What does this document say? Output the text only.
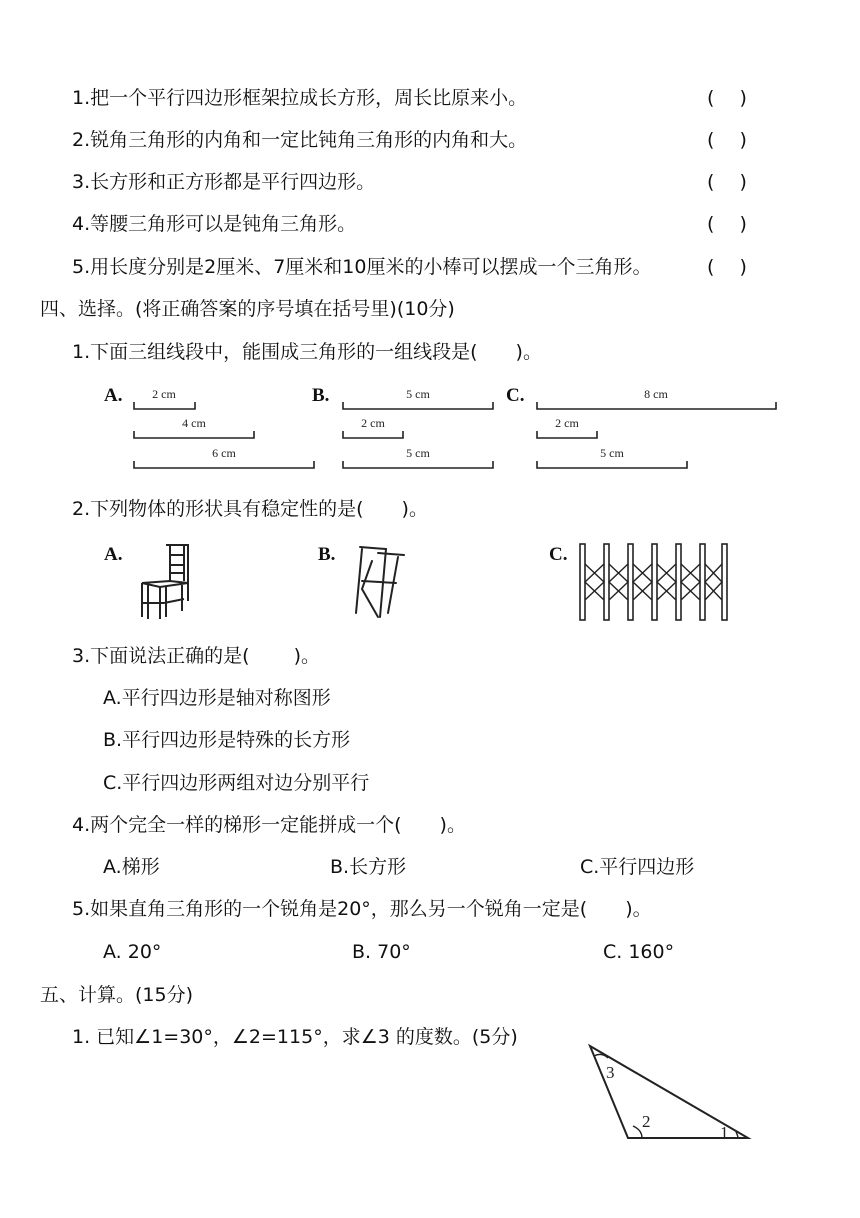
1.把一个平行四边形框架拉成长方形，周长比原来小。	(　 )
2.锐角三角形的内角和一定比钝角三角形的内角和大。	(　 )
3.长方形和正方形都是平行四边形。	(　 )
4.等腰三角形可以是钝角三角形。	(　 )
5.用长度分别是2厘米、7厘米和10厘米的小棒可以摆成一个三角形。	(　 )
四、选择。(将正确答案的序号填在括号里)(10分)
1.下面三组线段中，能围成三角形的一组线段是(　　)。
A.	B.	C.
2 cm
4 cm
6 cm
5 cm
2 cm
5 cm
8 cm
2 cm
5 cm
2.下列物体的形状具有稳定性的是(　　)。
A.	B.	C.
3.下面说法正确的是(　　 )。
A.平行四边形是轴对称图形
B.平行四边形是特殊的长方形
C.平行四边形两组对边分别平行
4.两个完全一样的梯形一定能拼成一个(　　)。
A.梯形	B.长方形	C.平行四边形
5.如果直角三角形的一个锐角是20°，那么另一个锐角一定是(　　)。
A. 20°	B. 70°	C. 160°
五、计算。(15分)
1. 已知∠1=30°，∠2=115°，求∠3 的度数。(5分)
3
2
1
